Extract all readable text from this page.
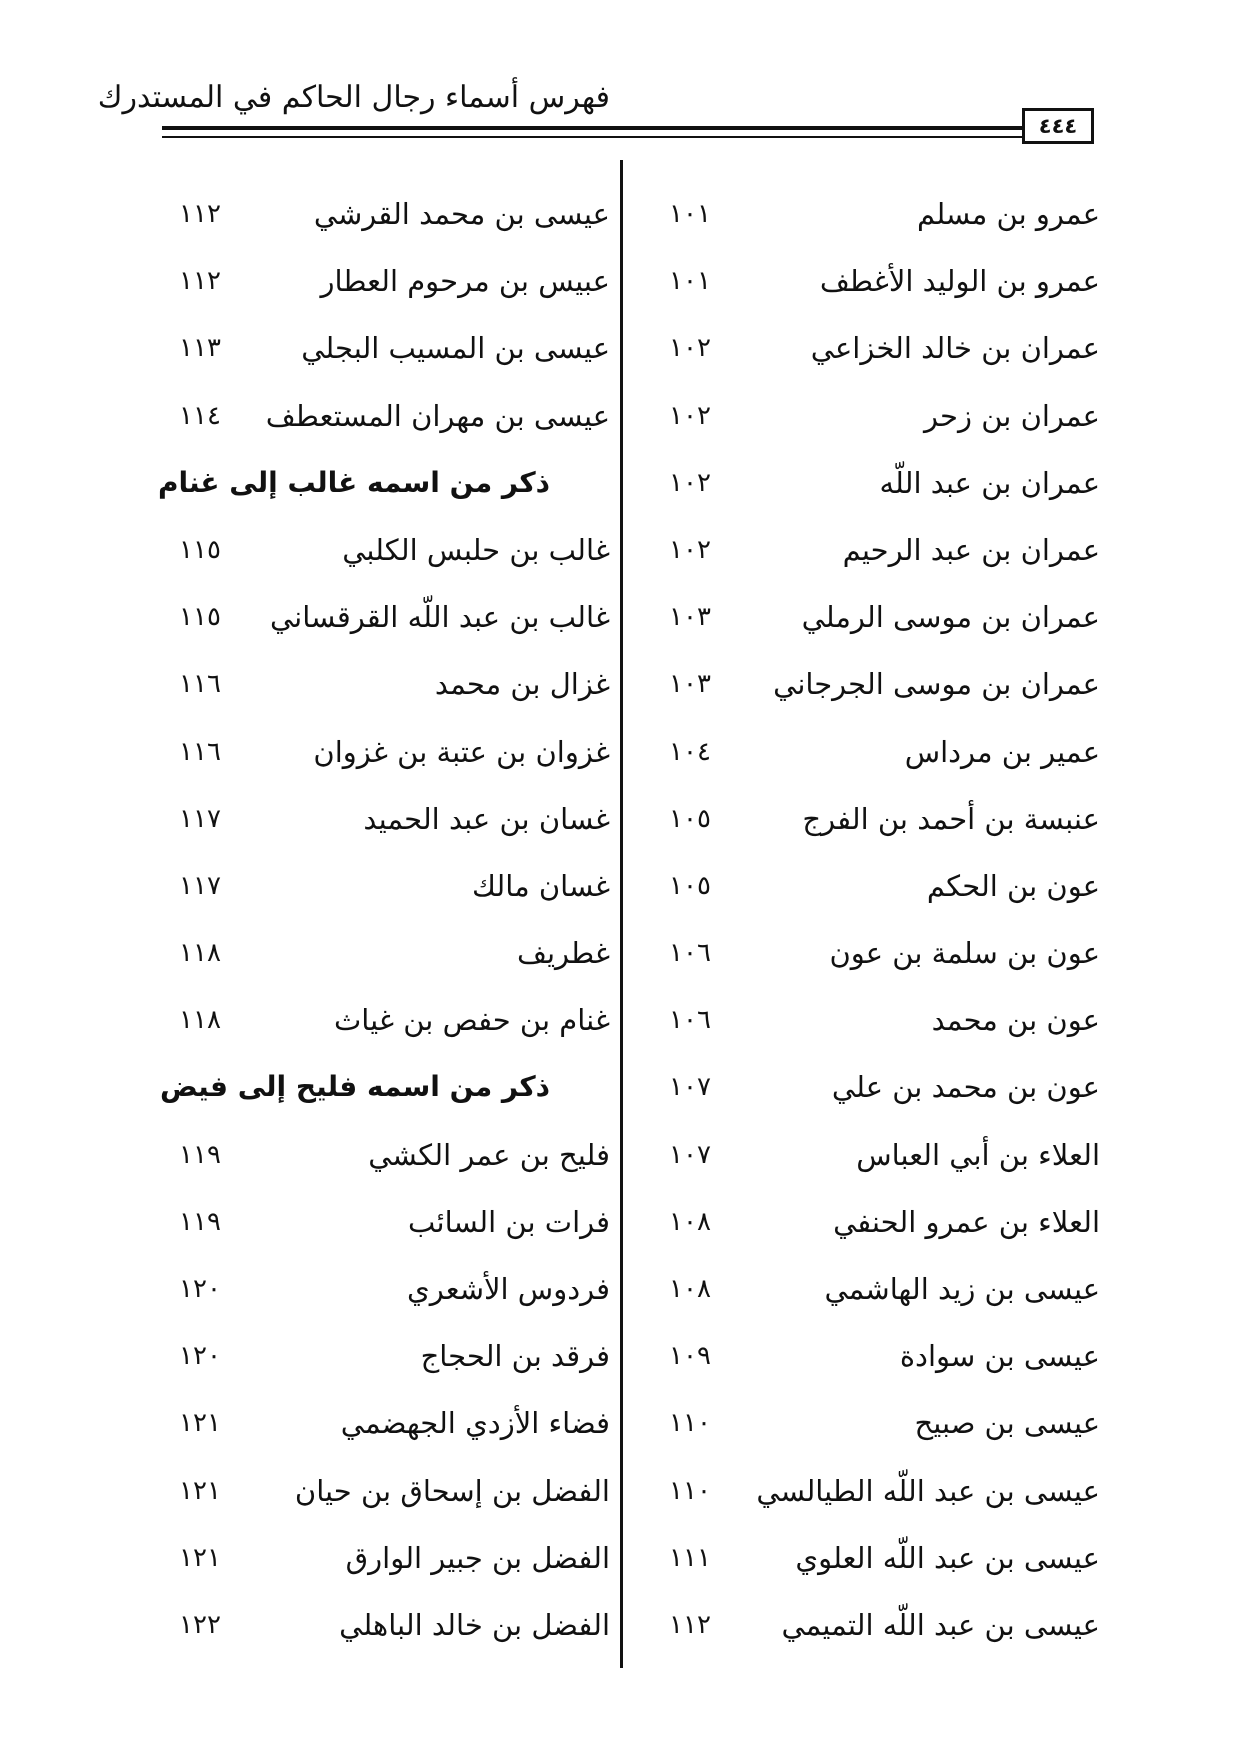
فهرس أسماء رجال الحاكم في المستدرك
٤٤٤
عمرو بن مسلم
١٠١
عمرو بن الوليد الأغطف
١٠١
عمران بن خالد الخزاعي
١٠٢
عمران بن زحر
١٠٢
عمران بن عبد اللّه
١٠٢
عمران بن عبد الرحيم
١٠٢
عمران بن موسى الرملي
١٠٣
عمران بن موسى الجرجاني
١٠٣
عمير بن مرداس
١٠٤
عنبسة بن أحمد بن الفرج
١٠٥
عون بن الحكم
١٠٥
عون بن سلمة بن عون
١٠٦
عون بن محمد
١٠٦
عون بن محمد بن علي
١٠٧
العلاء بن أبي العباس
١٠٧
العلاء بن عمرو الحنفي
١٠٨
عيسى بن زيد الهاشمي
١٠٨
عيسى بن سوادة
١٠٩
عيسى بن صبيح
١١٠
عيسى بن عبد اللّه الطيالسي
١١٠
عيسى بن عبد اللّه العلوي
١١١
عيسى بن عبد اللّه التميمي
١١٢
عيسى بن محمد القرشي
١١٢
عبيس بن مرحوم العطار
١١٢
عيسى بن المسيب البجلي
١١٣
عيسى بن مهران المستعطف
١١٤
ذكر من اسمه غالب إلى غنام
غالب بن حلبس الكلبي
١١٥
غالب بن عبد اللّه القرقساني
١١٥
غزال بن محمد
١١٦
غزوان بن عتبة بن غزوان
١١٦
غسان بن عبد الحميد
١١٧
غسان مالك
١١٧
غطريف
١١٨
غنام بن حفص بن غياث
١١٨
ذكر من اسمه فليح إلى فيض
فليح بن عمر الكشي
١١٩
فرات بن السائب
١١٩
فردوس الأشعري
١٢٠
فرقد بن الحجاج
١٢٠
فضاء الأزدي الجهضمي
١٢١
الفضل بن إسحاق بن حيان
١٢١
الفضل بن جبير الوارق
١٢١
الفضل بن خالد الباهلي
١٢٢
